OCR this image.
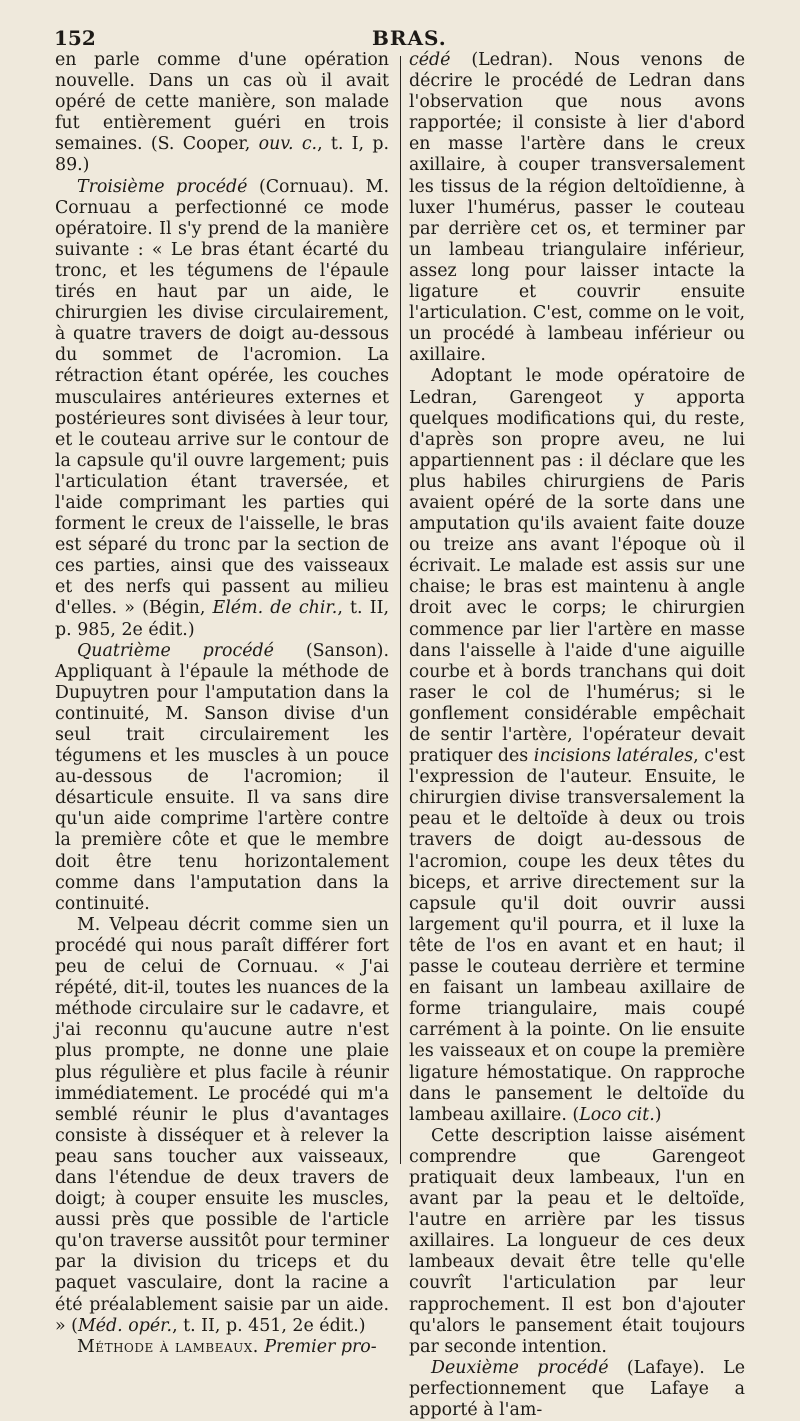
152	BRAS.

en parle comme d'une opération nouvelle. Dans un cas où il avait opéré de cette manière, son malade fut entièrement guéri en trois semaines. (S. Cooper, ouv. c., t. I, p. 89.)

Troisième procédé (Cornuau). M. Cornuau a perfectionné ce mode opératoire. Il s'y prend de la manière suivante : « Le bras étant écarté du tronc, et les tégumens de l'épaule tirés en haut par un aide, le chirurgien les divise circulairement, à quatre travers de doigt au-dessous du sommet de l'acromion. La rétraction étant opérée, les couches musculaires antérieures externes et postérieures sont divisées à leur tour, et le couteau arrive sur le contour de la capsule qu'il ouvre largement; puis l'articulation étant traversée, et l'aide comprimant les parties qui forment le creux de l'aisselle, le bras est séparé du tronc par la section de ces parties, ainsi que des vaisseaux et des nerfs qui passent au milieu d'elles. » (Bégin, Elém. de chir., t. II, p. 985, 2e édit.)

Quatrième procédé (Sanson). Appliquant à l'épaule la méthode de Dupuytren pour l'amputation dans la continuité, M. Sanson divise d'un seul trait circulairement les tégumens et les muscles à un pouce au-dessous de l'acromion; il désarticule ensuite. Il va sans dire qu'un aide comprime l'artère contre la première côte et que le membre doit être tenu horizontalement comme dans l'amputation dans la continuité.

M. Velpeau décrit comme sien un procédé qui nous paraît différer fort peu de celui de Cornuau. « J'ai répété, dit-il, toutes les nuances de la méthode circulaire sur le cadavre, et j'ai reconnu qu'aucune autre n'est plus prompte, ne donne une plaie plus régulière et plus facile à réunir immédiatement. Le procédé qui m'a semblé réunir le plus d'avantages consiste à disséquer et à relever la peau sans toucher aux vaisseaux, dans l'étendue de deux travers de doigt; à couper ensuite les muscles, aussi près que possible de l'article qu'on traverse aussitôt pour terminer par la division du triceps et du paquet vasculaire, dont la racine a été préalablement saisie par un aide. » (Méd. opér., t. II, p. 451, 2e édit.)

Méthode à lambeaux. Premier pro-

cédé (Ledran). Nous venons de décrire le procédé de Ledran dans l'observation que nous avons rapportée; il consiste à lier d'abord en masse l'artère dans le creux axillaire, à couper transversalement les tissus de la région deltoïdienne, à luxer l'humérus, passer le couteau par derrière cet os, et terminer par un lambeau triangulaire inférieur, assez long pour laisser intacte la ligature et couvrir ensuite l'articulation. C'est, comme on le voit, un procédé à lambeau inférieur ou axillaire.

Adoptant le mode opératoire de Ledran, Garengeot y apporta quelques modifications qui, du reste, d'après son propre aveu, ne lui appartiennent pas : il déclare que les plus habiles chirurgiens de Paris avaient opéré de la sorte dans une amputation qu'ils avaient faite douze ou treize ans avant l'époque où il écrivait. Le malade est assis sur une chaise; le bras est maintenu à angle droit avec le corps; le chirurgien commence par lier l'artère en masse dans l'aisselle à l'aide d'une aiguille courbe et à bords tranchans qui doit raser le col de l'humérus; si le gonflement considérable empêchait de sentir l'artère, l'opérateur devait pratiquer des incisions latérales, c'est l'expression de l'auteur. Ensuite, le chirurgien divise transversalement la peau et le deltoïde à deux ou trois travers de doigt au-dessous de l'acromion, coupe les deux têtes du biceps, et arrive directement sur la capsule qu'il doit ouvrir aussi largement qu'il pourra, et il luxe la tête de l'os en avant et en haut; il passe le couteau derrière et termine en faisant un lambeau axillaire de forme triangulaire, mais coupé carrément à la pointe. On lie ensuite les vaisseaux et on coupe la première ligature hémostatique. On rapproche dans le pansement le deltoïde du lambeau axillaire. (Loco cit.)

Cette description laisse aisément comprendre que Garengeot pratiquait deux lambeaux, l'un en avant par la peau et le deltoïde, l'autre en arrière par les tissus axillaires. La longueur de ces deux lambeaux devait être telle qu'elle couvrît l'articulation par leur rapprochement. Il est bon d'ajouter qu'alors le pansement était toujours par seconde intention.

Deuxième procédé (Lafaye). Le perfectionnement que Lafaye a apporté à l'am-
